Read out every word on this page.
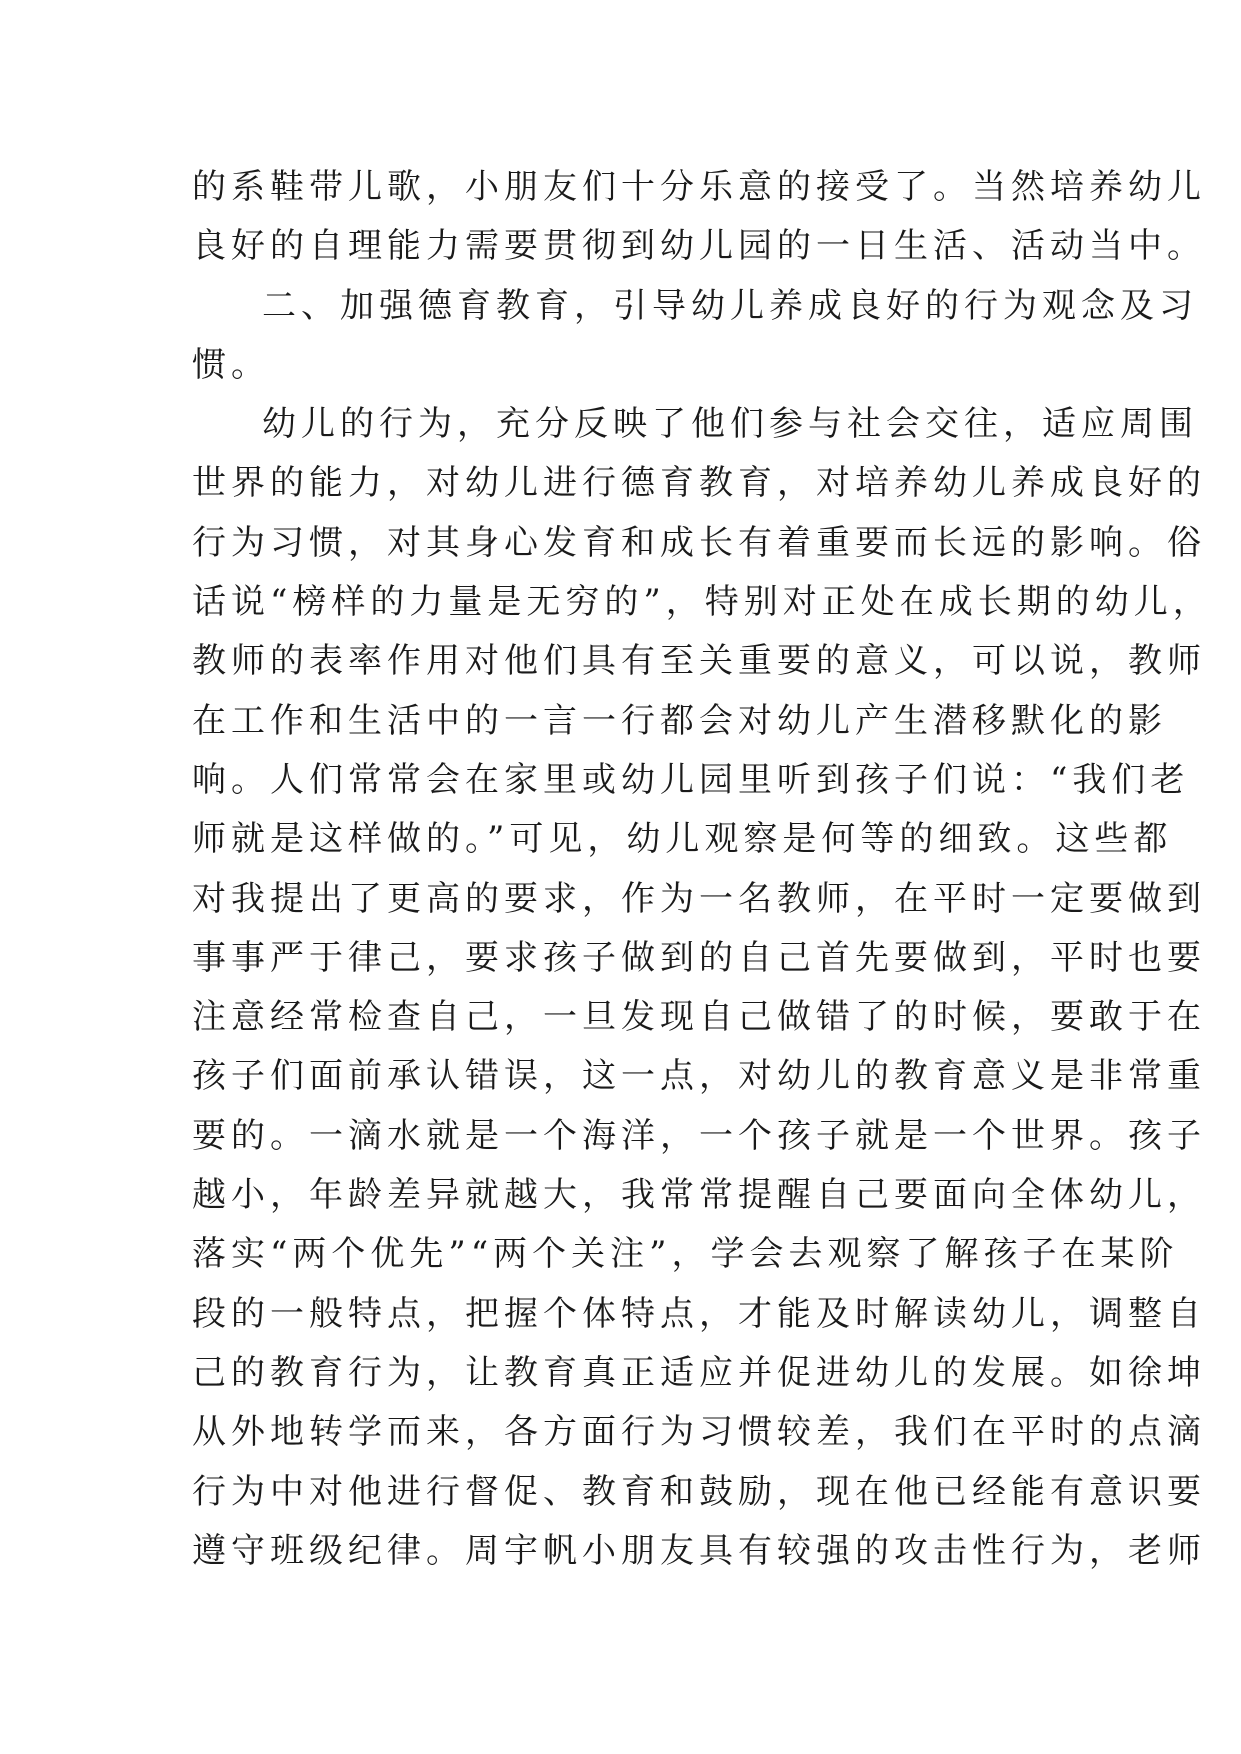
的系鞋带儿歌，小朋友们十分乐意的接受了。当然培养幼儿
良好的自理能力需要贯彻到幼儿园的一日生活、活动当中。
二、加强德育教育，引导幼儿养成良好的行为观念及习
惯。
幼儿的行为，充分反映了他们参与社会交往，适应周围
世界的能力，对幼儿进行德育教育，对培养幼儿养成良好的
行为习惯，对其身心发育和成长有着重要而长远的影响。俗
话说“榜样的力量是无穷的”，特别对正处在成长期的幼儿，
教师的表率作用对他们具有至关重要的意义，可以说，教师
在工作和生活中的一言一行都会对幼儿产生潜移默化的影
响。人们常常会在家里或幼儿园里听到孩子们说：“我们老
师就是这样做的。”可见，幼儿观察是何等的细致。这些都
对我提出了更高的要求，作为一名教师，在平时一定要做到
事事严于律己，要求孩子做到的自己首先要做到，平时也要
注意经常检查自己，一旦发现自己做错了的时候，要敢于在
孩子们面前承认错误，这一点，对幼儿的教育意义是非常重
要的。一滴水就是一个海洋，一个孩子就是一个世界。孩子
越小，年龄差异就越大，我常常提醒自己要面向全体幼儿，
落实“两个优先”“两个关注”，学会去观察了解孩子在某阶
段的一般特点，把握个体特点，才能及时解读幼儿，调整自
己的教育行为，让教育真正适应并促进幼儿的发展。如徐坤
从外地转学而来，各方面行为习惯较差，我们在平时的点滴
行为中对他进行督促、教育和鼓励，现在他已经能有意识要
遵守班级纪律。周宇帆小朋友具有较强的攻击性行为，老师
